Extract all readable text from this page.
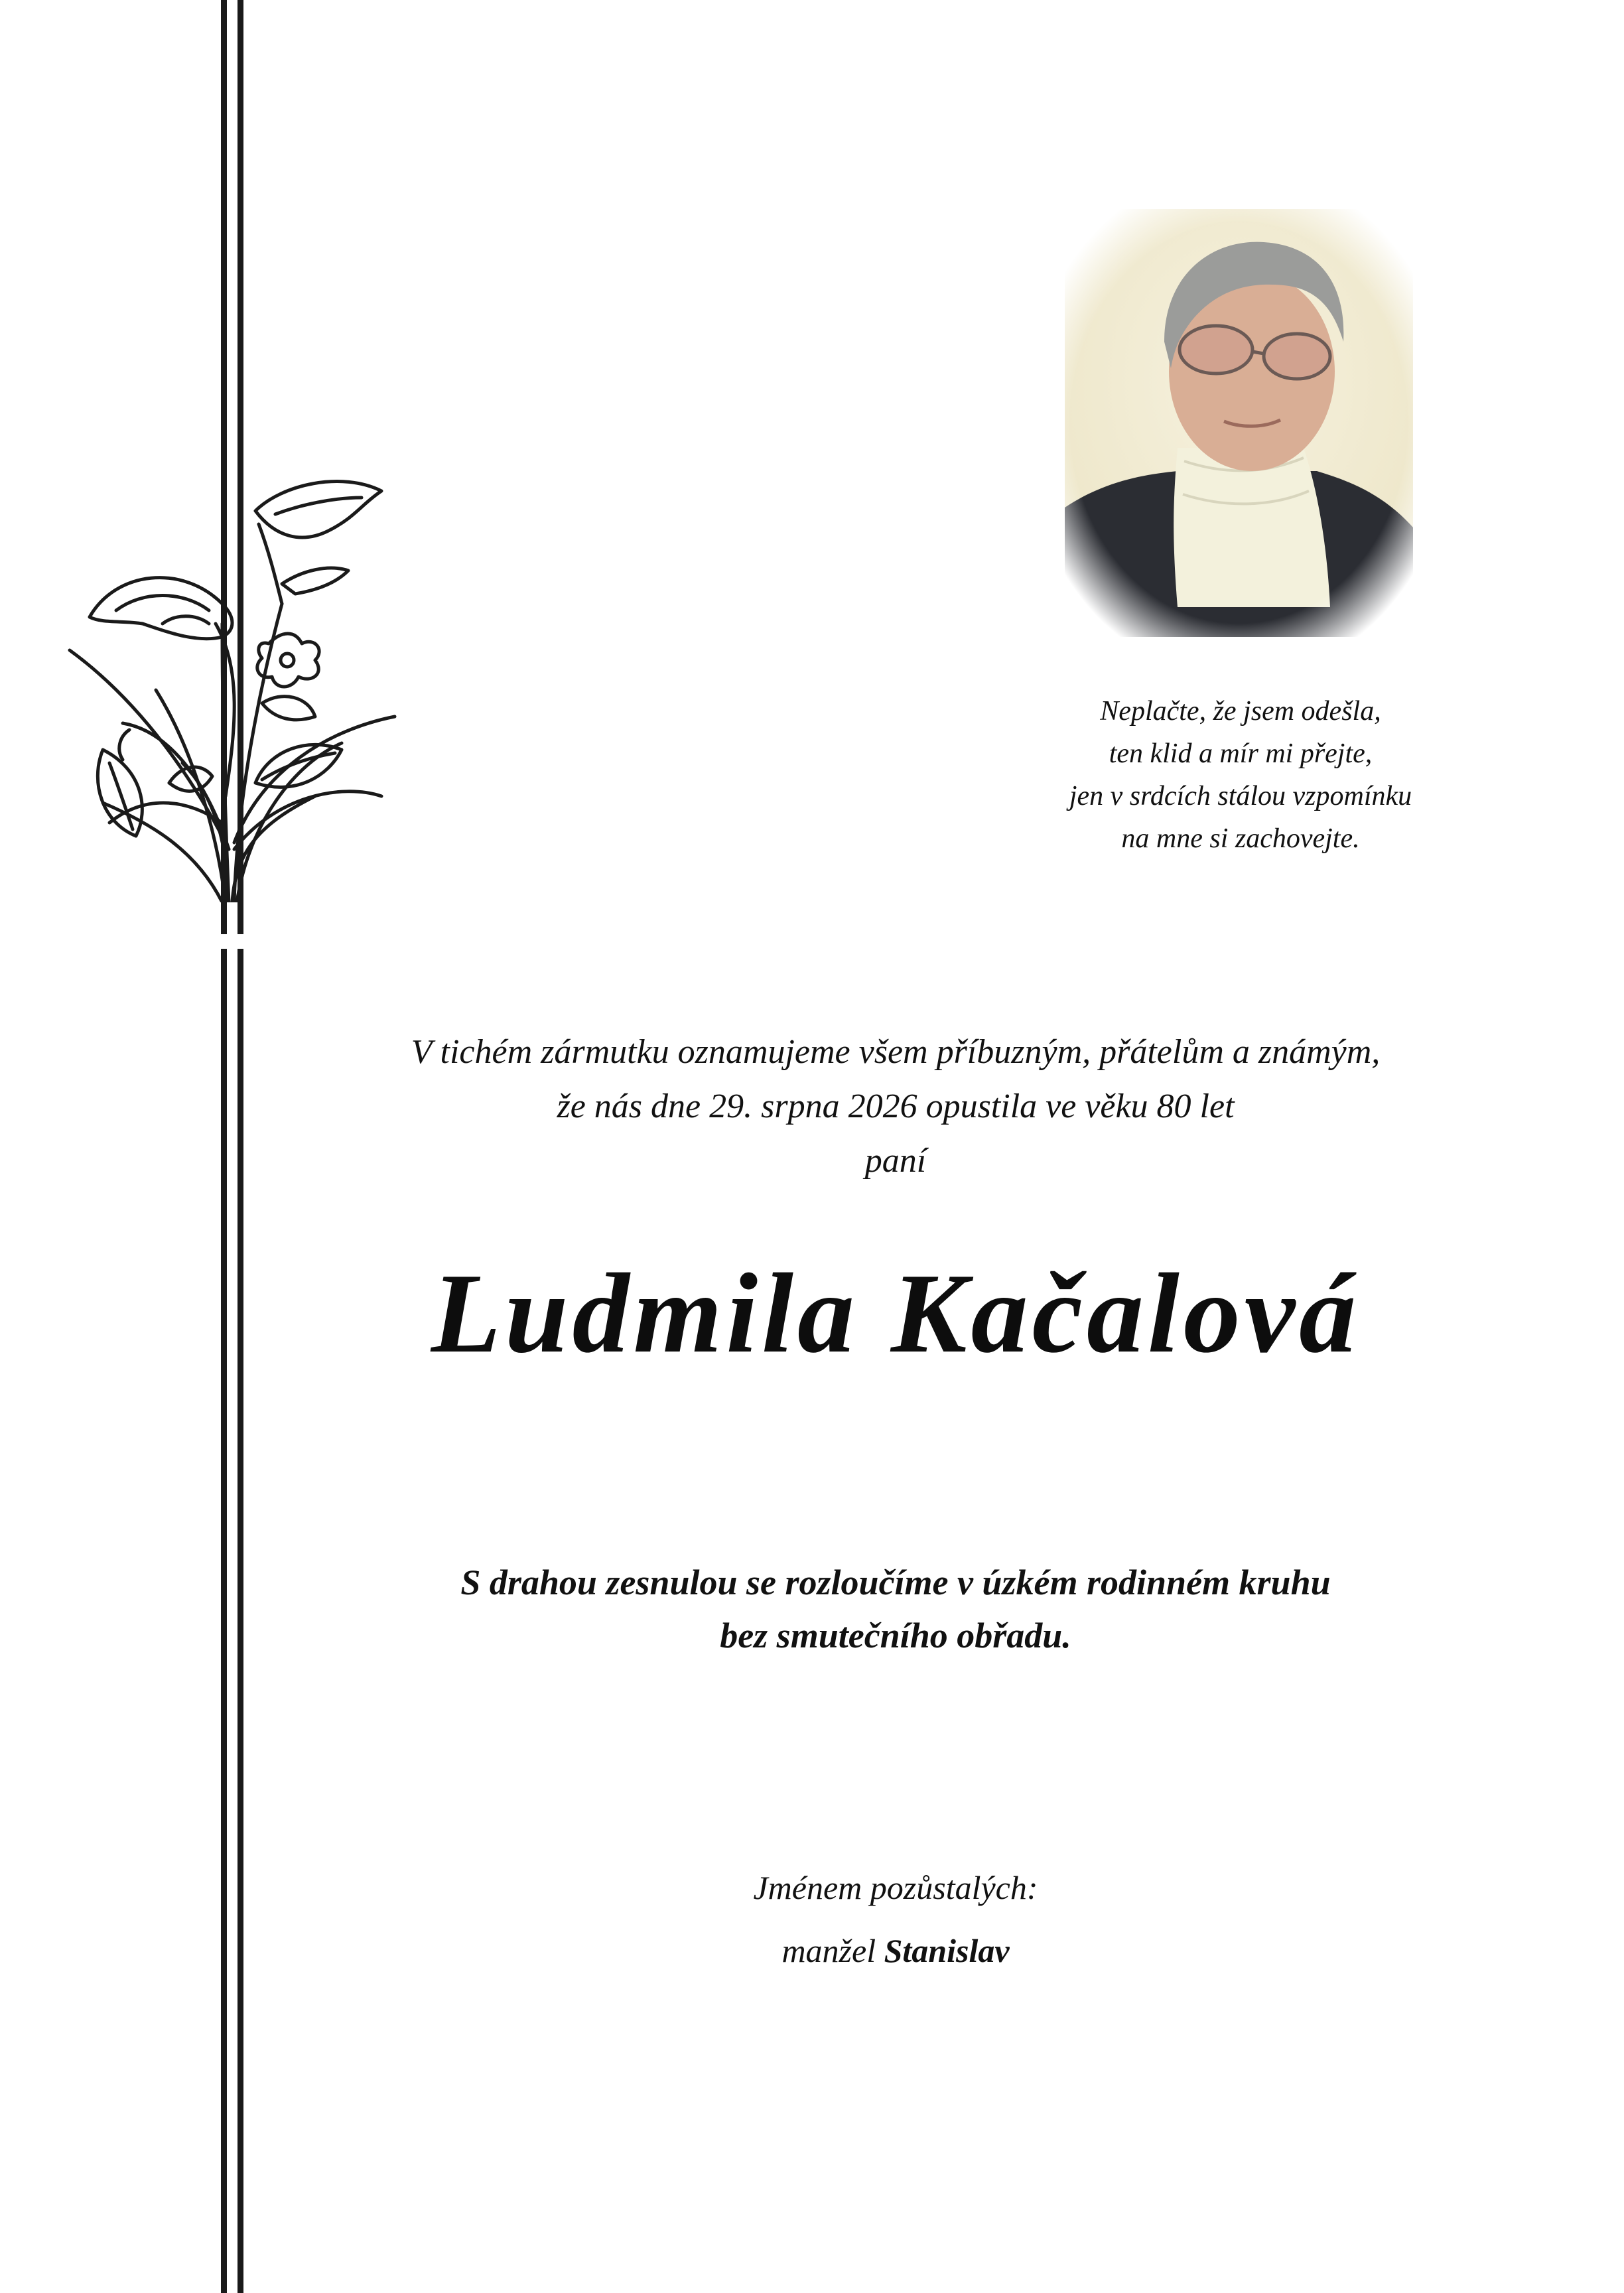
Neplačte, že jsem odešla,
ten klid a mír mi přejte,
jen v srdcích stálou vzpomínku
na mne si zachovejte.
V tichém zármutku oznamujeme všem příbuzným, přátelům a známým,
že nás dne 29. srpna 2026 opustila ve věku 80 let
paní
Ludmila Kačalová
S drahou zesnulou se rozloučíme v úzkém rodinném kruhu
bez smutečního obřadu.
Jménem pozůstalých:
manžel Stanislav
